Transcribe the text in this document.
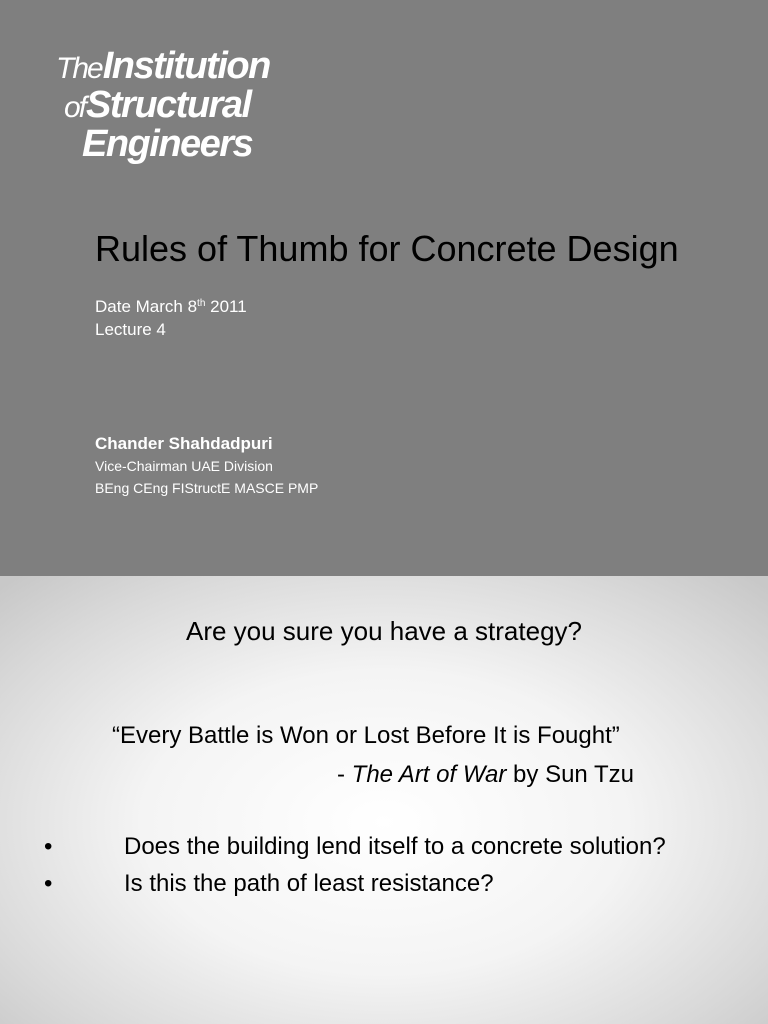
The Institution
of Structural
Engineers
Rules of Thumb for Concrete Design
Date March 8th 2011
Lecture 4
Chander Shahdadpuri
Vice-Chairman UAE Division
BEng CEng FIStructE MASCE PMP
Are you sure you have a strategy?
“Every Battle is Won or Lost Before It is Fought”
- The Art of War by Sun Tzu
•	Does the building lend itself to a concrete solution?
•	Is this the path of least resistance?
